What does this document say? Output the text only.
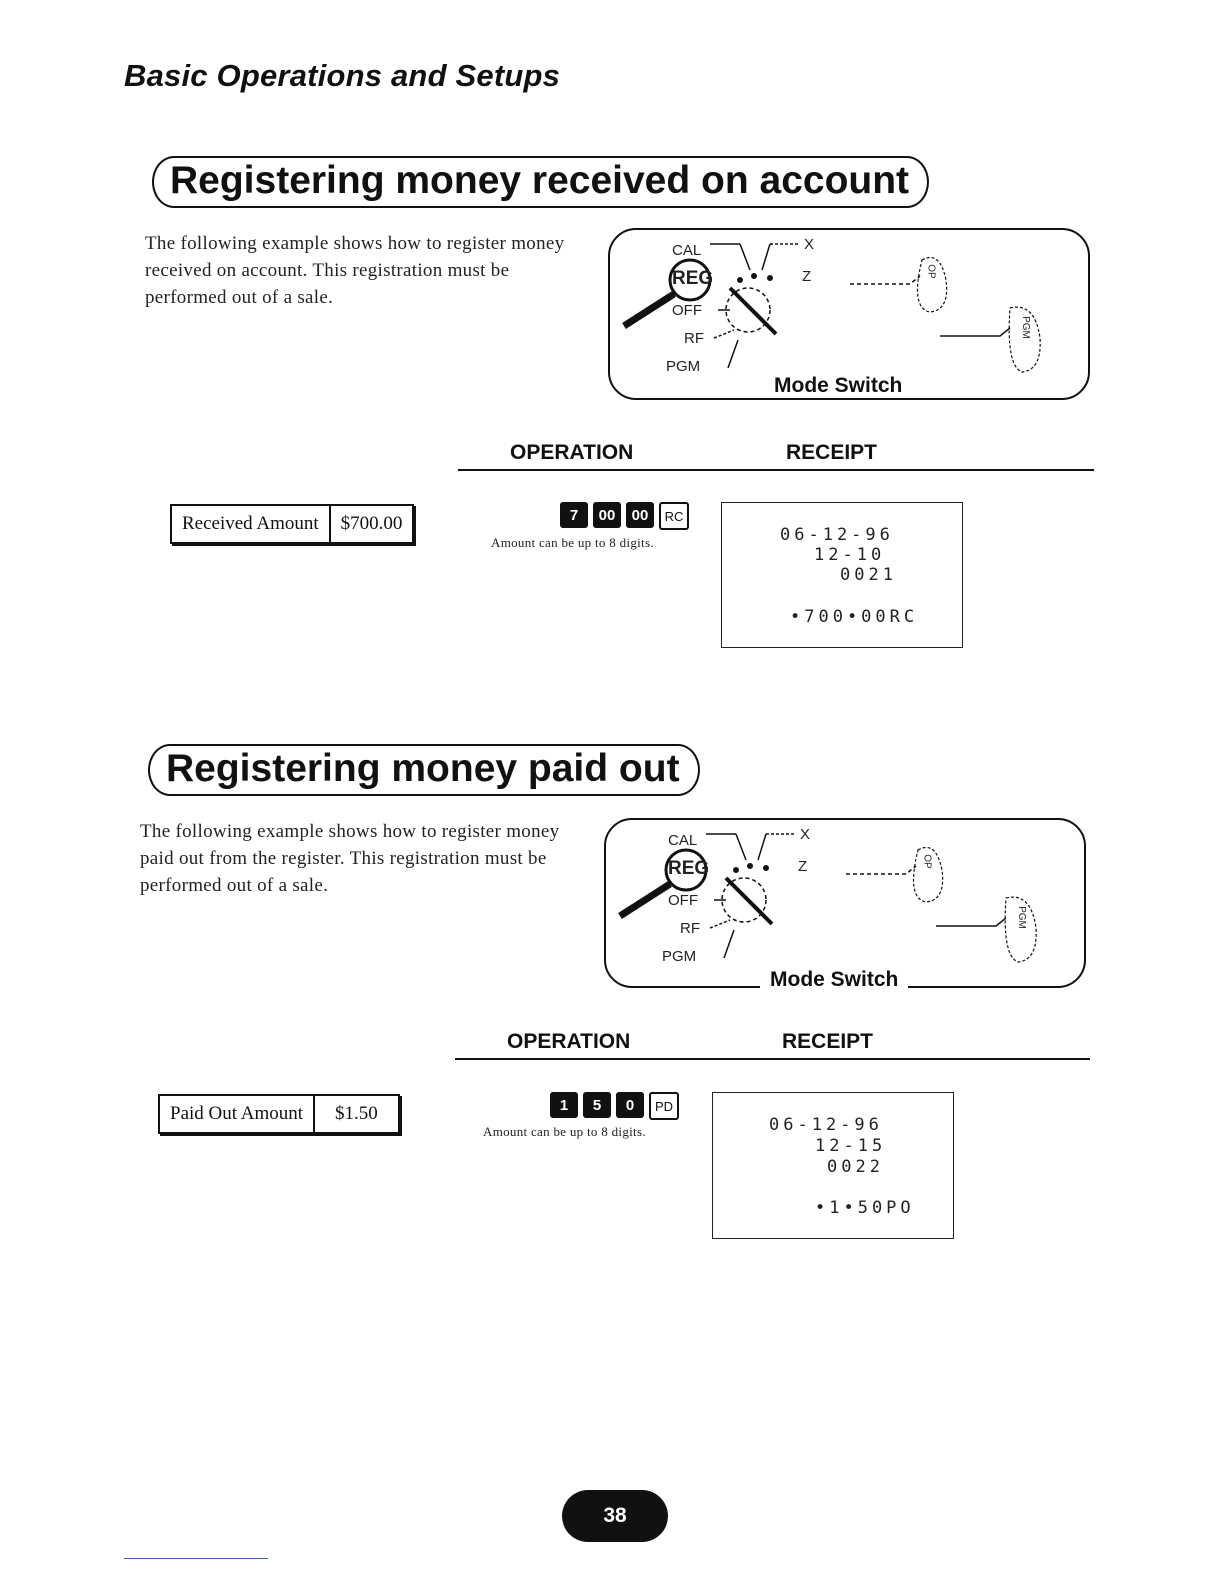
Basic Operations and Setups
Registering money received on account
The following example shows how to register money received on account. This registration must be performed out of a sale.
CAL
REG
OFF
RF
PGM
X
Z	OP
PGM
Mode Switch
OPERATION	RECEIPT
Received Amount	$700.00	7	00	00	RC
Amount can be up to 8 digits.	06-12-96
12-10
0021
•700•00RC
Registering money paid out
The following example shows how to register money paid out from the register. This registration must be performed out of a sale.
CAL
REG
OFF
RF
PGM
X
Z	OP
PGM
Mode Switch
OPERATION	RECEIPT
Paid Out Amount	$1.50	1	5	0	PD
Amount can be up to 8 digits.	06-12-96
12-15
0022
•1•50PO
38
